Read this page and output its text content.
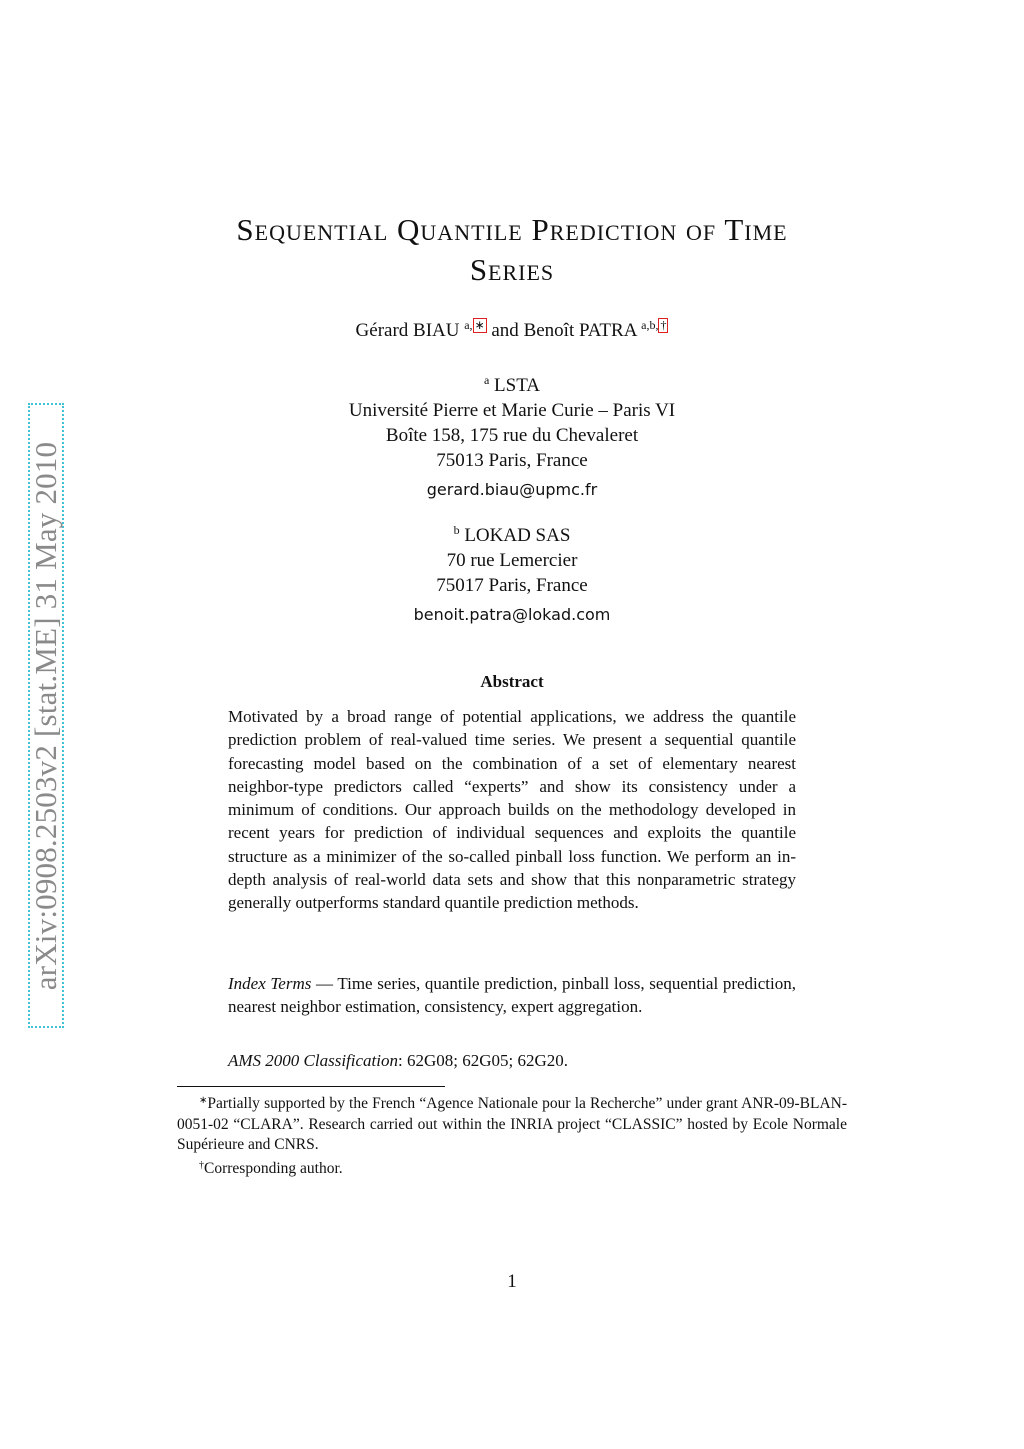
arXiv:0908.2503v2 [stat.ME] 31 May 2010
Sequential Quantile Prediction of Time
Series
Gérard BIAU $^{a, ∗}$ and Benoît PATRA $^{a,b, \dagger}$
$^a$ LSTA
Université Pierre et Marie Curie – Paris VI
Boîte 158, 175 rue du Chevaleret
75013 Paris, France
gerard.biau@upmc.fr
$^b$ LOKAD SAS
70 rue Lemercier
75017 Paris, France
benoit.patra@lokad.com
Abstract
Motivated by a broad range of potential applications, we address the quantile prediction problem of real-valued time series. We present a sequential quantile forecasting model based on the combination of a set of elementary nearest neighbor-type predictors called “experts” and show its consistency under a minimum of conditions. Our approach builds on the methodology developed in recent years for prediction of individual sequences and exploits the quantile structure as a minimizer of the so-called pinball loss function. We perform an in-depth analysis of real-world data sets and show that this nonparametric strategy generally outperforms standard quantile prediction methods.
Index Terms — Time series, quantile prediction, pinball loss, sequential prediction, nearest neighbor estimation, consistency, expert aggregation.
AMS 2000 Classification: 62G08; 62G05; 62G20.

∗Partially supported by the French “Agence Nationale pour la Recherche” under grant ANR-09-BLAN-0051-02 “CLARA”. Research carried out within the INRIA project “CLASSIC” hosted by Ecole Normale Supérieure and CNRS.

†Corresponding author.

1
